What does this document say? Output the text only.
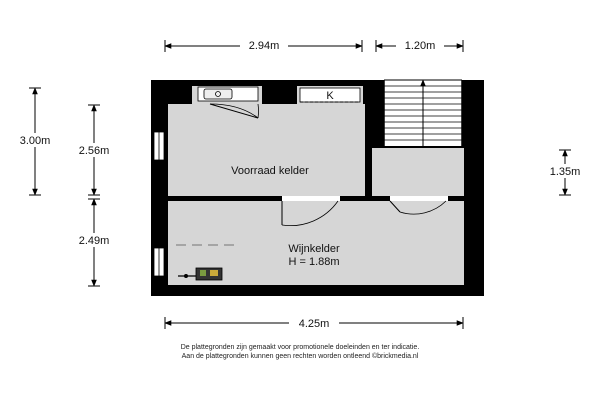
2.94m	1.20m
3.00m
2.56m
2.49m
1.35m
4.25m
K
Voorraad kelder
Wijnkelder
H = 1.88m
De plattegronden zijn gemaakt voor promotionele doeleinden en ter indicatie.
Aan de plattegronden kunnen geen rechten worden ontleend ©brickmedia.nl
